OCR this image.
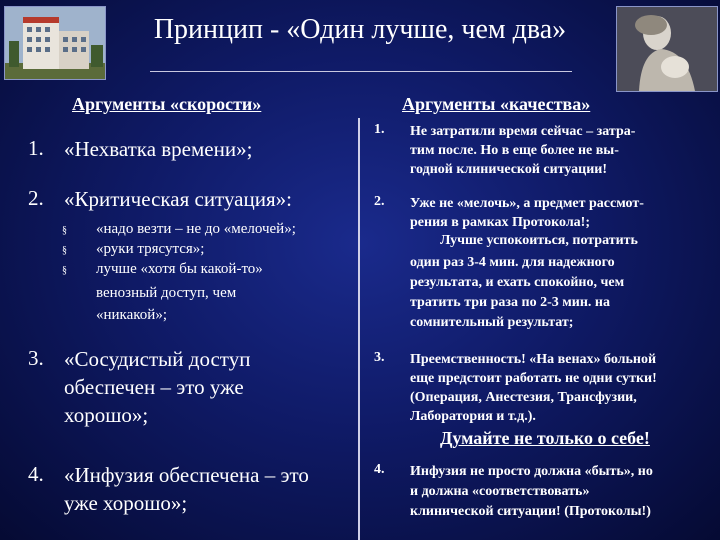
Принцип - «Один лучше, чем два»
Аргументы «скорости»	Аргументы «качества»
1. «Нехватка времени»;
2. «Критическая ситуация»:
§ «надо везти – не до «мелочей»;
§ «руки трясутся»;
§ лучше «хотя бы какой-то»
венозный доступ, чем
«никакой»;
3. «Сосудистый доступ
обеспечен – это уже
хорошо»;
4. «Инфузия обеспечена – это
уже хорошо»;
1. Не затратили время сейчас – затра-
тим после. Но в еще более не вы-
годной клинической ситуации!
2. Уже не «мелочь», а предмет рассмот-
рения в рамках Протокола!;
Лучше успокоиться, потратить
один раз 3-4 мин. для надежного
результата, и ехать спокойно, чем
тратить три раза по 2-3 мин. на
сомнительный результат;
3. Преемственность! «На венах» больной
еще предстоит работать не одни сутки!
(Операция, Анестезия, Трансфузии,
Лаборатория и т.д.).
Думайте не только о себе!
4. Инфузия не просто должна «быть», но
и должна «соответствовать»
клинической ситуации! (Протоколы!)
